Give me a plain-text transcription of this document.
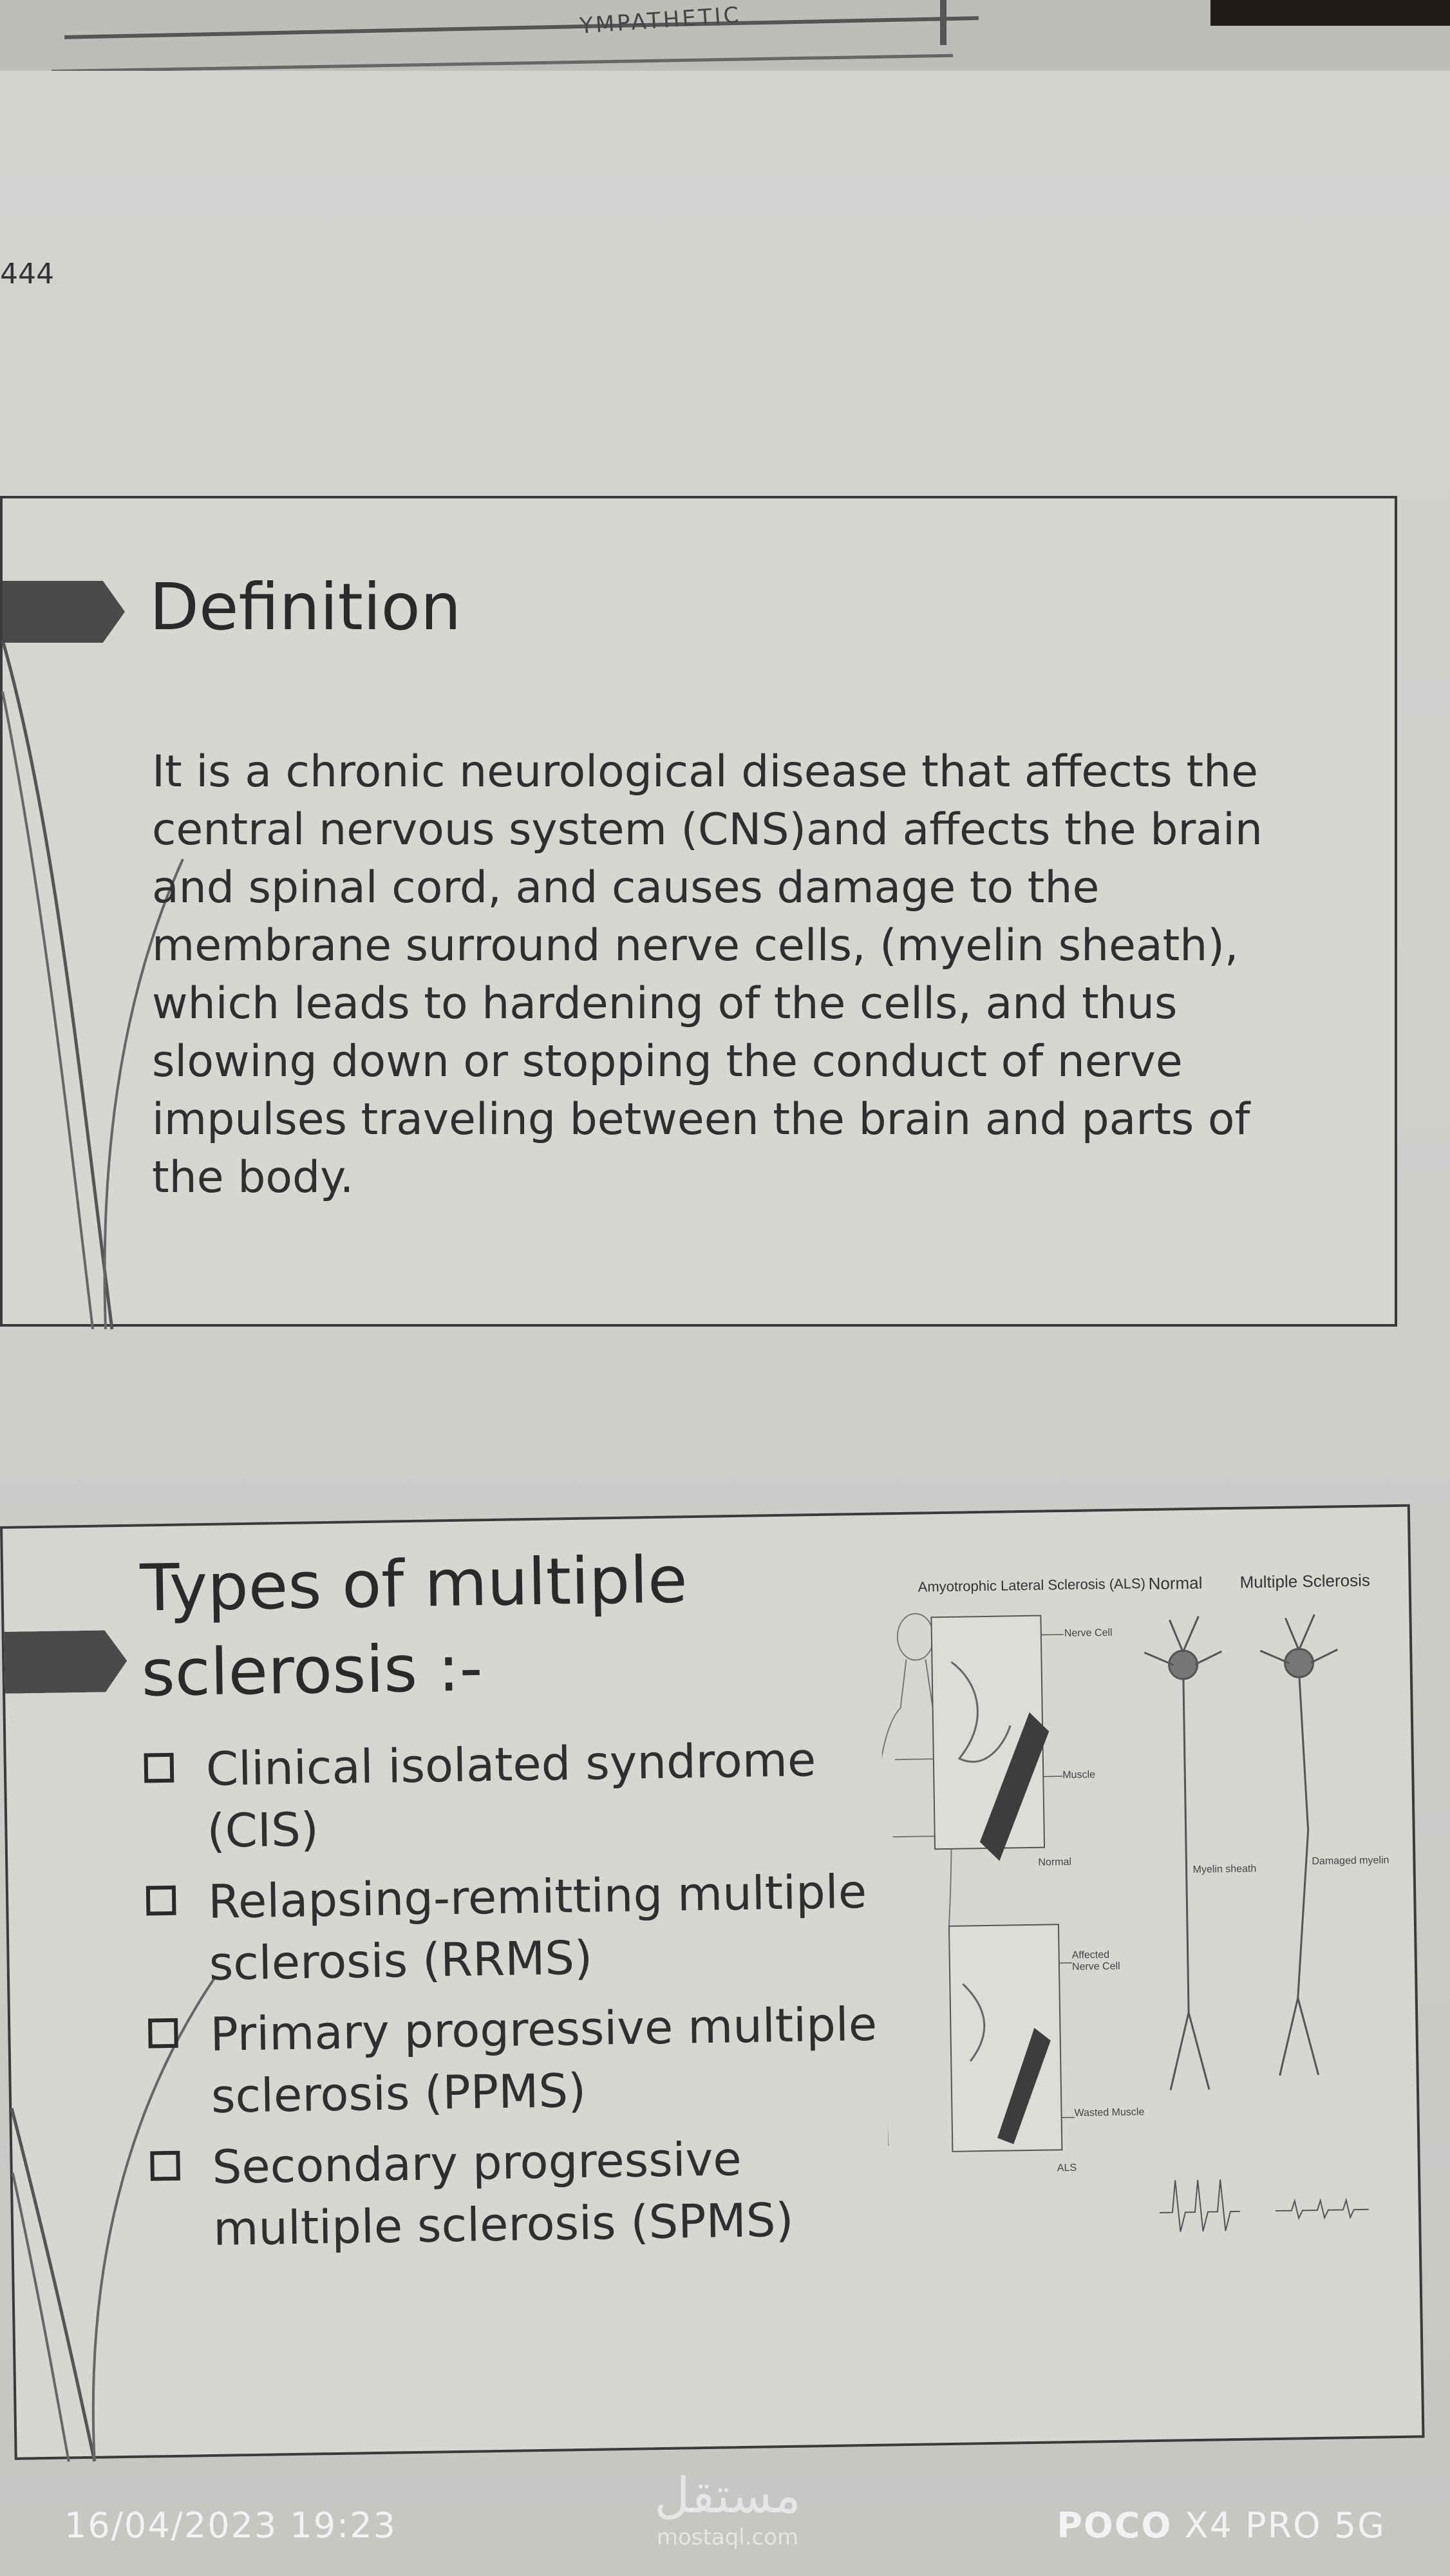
YMPATHETIC
444
Definition
It is a chronic neurological disease that affects the
central nervous system (CNS)and affects the brain
and spinal cord, and causes damage to the
membrane surround nerve cells, (myelin sheath),
which leads to hardening of the cells, and thus
slowing down or stopping the conduct of nerve
impulses traveling between the brain and parts of
the body.
Types of multiple
sclerosis :-
Clinical isolated syndrome
(CIS)
Relapsing-remitting multiple
sclerosis (RRMS)
Primary progressive multiple
sclerosis (PPMS)
Secondary progressive
multiple sclerosis (SPMS)
Amyotrophic Lateral Sclerosis (ALS) Normal Multiple Sclerosis
Nerve Cell
Muscle
Normal
Affected Nerve Cell
Wasted Muscle
ALS
Myelin sheath
Damaged myelin
16/04/2023 19:23
مستقل
mostaql.com	POCO X4 PRO 5G
